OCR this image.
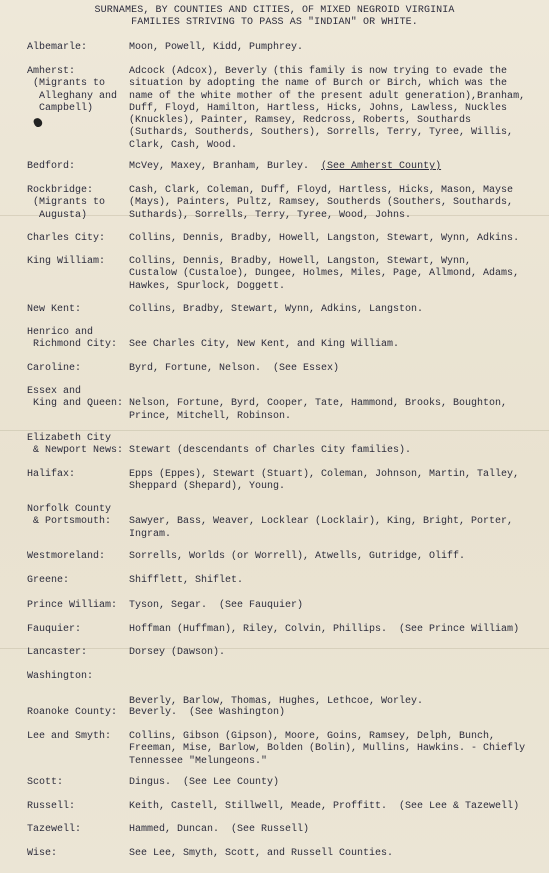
SURNAMES, BY COUNTIES AND CITIES, OF MIXED NEGROID VIRGINIA
FAMILIES STRIVING TO PASS AS "INDIAN" OR WHITE.
Albemarle:	Moon, Powell, Kidd, Pumphrey.
Amherst:
(Migrants to
Alleghany and
Campbell)
Adcock (Adcox), Beverly (this family is now trying to evade the
situation by adopting the name of Burch or Birch, which was the
name of the white mother of the present adult generation),Branham,
Duff, Floyd, Hamilton, Hartless, Hicks, Johns, Lawless, Nuckles
(Knuckles), Painter, Ramsey, Redcross, Roberts, Southards
(Suthards, Southerds, Southers), Sorrells, Terry, Tyree, Willis,
Clark, Cash, Wood.
Bedford:	McVey, Maxey, Branham, Burley. (See Amherst County)
Rockbridge:
(Migrants to
Augusta)
Cash, Clark, Coleman, Duff, Floyd, Hartless, Hicks, Mason, Mayse
(Mays), Painters, Pultz, Ramsey, Southerds (Southers, Southards,
Suthards), Sorrells, Terry, Tyree, Wood, Johns.
Charles City:	Collins, Dennis, Bradby, Howell, Langston, Stewart, Wynn, Adkins.
King William:	Collins, Dennis, Bradby, Howell, Langston, Stewart, Wynn,
Custalow (Custaloe), Dungee, Holmes, Miles, Page, Allmond, Adams,
Hawkes, Spurlock, Doggett.
New Kent:	Collins, Bradby, Stewart, Wynn, Adkins, Langston.
Henrico and
Richmond City:	
See Charles City, New Kent, and King William.
Caroline:	Byrd, Fortune, Nelson.  (See Essex)
Essex and
King and Queen:
Nelson, Fortune, Byrd, Cooper, Tate, Hammond, Brooks, Boughton,
Prince, Mitchell, Robinson.
Elizabeth City
& Newport News:
Stewart (descendants of Charles City families).
Halifax:	Epps (Eppes), Stewart (Stuart), Coleman, Johnson, Martin, Talley,
Sheppard (Shepard), Young.
Norfolk County
& Portsmouth:	
Sawyer, Bass, Weaver, Locklear (Locklair), King, Bright, Porter,
Ingram.
Westmoreland:	Sorrells, Worlds (or Worrell), Atwells, Gutridge, Oliff.
Greene:	Shifflett, Shiflet.
Prince William:	Tyson, Segar.  (See Fauquier)
Fauquier:	Hoffman (Huffman), Riley, Colvin, Phillips.  (See Prince William)
Lancaster:	Dorsey (Dawson).
Washington:

Beverly, Barlow, Thomas, Hughes, Lethcoe, Worley.
Roanoke County:	Beverly.  (See Washington)
Lee and Smyth:	Collins, Gibson (Gipson), Moore, Goins, Ramsey, Delph, Bunch,
Freeman, Mise, Barlow, Bolden (Bolin), Mullins, Hawkins. - Chiefly
Tennessee "Melungeons."
Scott:	Dingus.  (See Lee County)
Russell:	Keith, Castell, Stillwell, Meade, Proffitt.  (See Lee & Tazewell)
Tazewell:	Hammed, Duncan.  (See Russell)
Wise:	See Lee, Smyth, Scott, and Russell Counties.
